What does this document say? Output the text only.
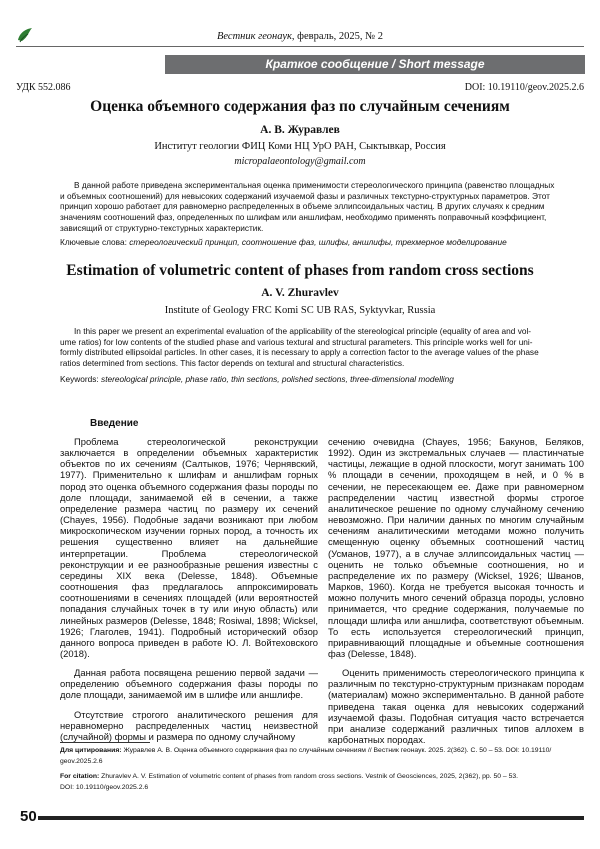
Вестник геонаук, февраль, 2025, № 2
Краткое сообщение / Short message
УДК 552.086	DOI: 10.19110/geov.2025.2.6
Оценка объемного содержания фаз по случайным сечениям
А. В. Журавлев
Институт геологии ФИЦ Коми НЦ УрО РАН, Сыктывкар, Россия
micropalaeontology@gmail.com
В данной работе приведена экспериментальная оценка применимости стереологического принципа (равенство площадных
и объемных соотношений) для невысоких содержаний изучаемой фазы и различных текстурно-структурных параметров. Этот
принцип хорошо работает для равномерно распределенных в объеме эллипсоидальных частиц. В других случаях к средним
значениям соотношений фаз, определенных по шлифам или аншлифам, необходимо применять поправочный коэффициент,
зависящий от структурно-текстурных характеристик.
Ключевые слова: стереологический принцип, соотношение фаз, шлифы, аншлифы, трехмерное моделирование
Estimation of volumetric content of phases from random cross sections
A. V. Zhuravlev
Institute of Geology FRC Komi SC UB RAS, Syktyvkar, Russia
In this paper we present an experimental evaluation of the applicability of the stereological principle (equality of area and vol-
ume ratios) for low contents of the studied phase and various textural and structural parameters. This principle works well for uni-
formly distributed ellipsoidal particles. In other cases, it is necessary to apply a correction factor to the average values of the phase
ratios determined from sections. This factor depends on textural and structural characteristics.
Keywords: stereological principle, phase ratio, thin sections, polished sections, three-dimensional modelling
Введение

Проблема стереологической реконструкции заключается в определении объемных характеристик объектов по их сечениям (Салтыков, 1976; Чернявский, 1977). Применительно к шлифам и аншлифам горных пород это оценка объемного содержания фазы породы по доле площади, занимаемой ей в сечении, а также определение размера частиц по размеру их сечений (Chayes, 1956). Подобные задачи возникают при любом микроскопическом изучении горных пород, а точность их решения существенно влияет на дальнейшие интерпретации. Проблема стереологической реконструкции и ее разнообразные решения известны с середины XIX века (Delesse, 1848). Объемные соотношения фаз предлагалось аппроксимировать соотношениями в сечениях площадей (или вероятностей попадания случайных точек в ту или иную область) или линейных размеров (Delesse, 1848; Rosiwal, 1898; Wicksel, 1926; Глаголев, 1941). Подробный исторический обзор данного вопроса приведен в работе Ю. Л. Войтеховского (2018).

Данная работа посвящена решению первой задачи — определению объемного содержания фазы породы по доле площади, занимаемой им в шлифе или аншлифе.

Отсутствие строгого аналитического решения для неравномерно распределенных частиц неизвестной (случайной) формы и размера по одному случайному

сечению очевидна (Chayes, 1956; Бакунов, Беляков, 1992). Один из экстремальных случаев — пластинчатые частицы, лежащие в одной плоскости, могут занимать 100 % площади в сечении, проходящем в ней, и 0 % в сечении, не пересекающем ее. Даже при равномерном распределении частиц известной формы строгое аналитическое решение по одному случайному сечению невозможно. При наличии данных по многим случайным сечениям аналитическими методами можно получить смещенную оценку объемных соотношений частиц (Усманов, 1977), а в случае эллипсоидальных частиц — оценить не только объемные соотношения, но и распределение их по размеру (Wicksel, 1926; Шванов, Марков, 1960). Когда не требуется высокая точность и можно получить много сечений образца породы, условно принимается, что средние содержания, получаемые по площади шлифа или аншлифа, соответствуют объемным. То есть используется стереологический принцип, приравнивающий площадные и объемные соотношения фаз (Delesse, 1848).

Оценить применимость стереологического принципа к различным по текстурно-структурным признакам породам (материалам) можно экспериментально. В данной работе приведена такая оценка для невысоких содержаний изучаемой фазы. Подобная ситуация часто встречается при анализе содержаний различных типов аллохем в карбонатных породах.

Для цитирования: Журавлев А. В. Оценка объемного содержания фаз по случайным сечениям // Вестник геонаук. 2025. 2(362). С. 50 – 53. DOI: 10.19110/
geov.2025.2.6
For citation: Zhuravlev A. V. Estimation of volumetric content of phases from random cross sections. Vestnik of Geosciences, 2025, 2(362), pp. 50 – 53.
DOI: 10.19110/geov.2025.2.6
50
